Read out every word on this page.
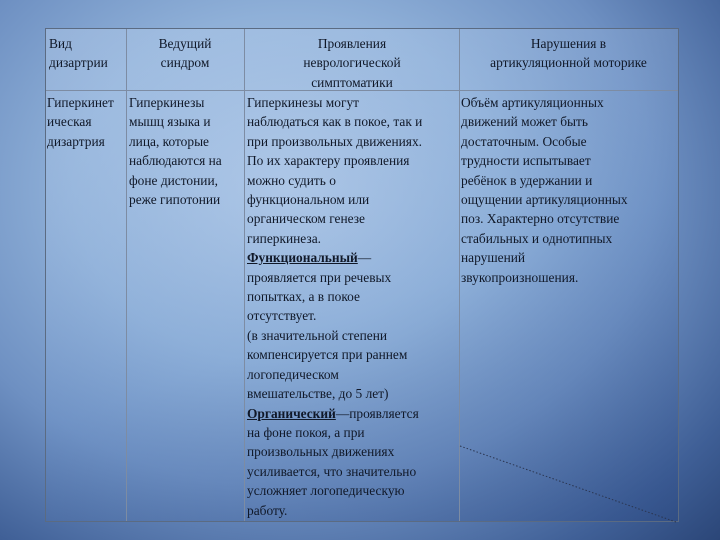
Вид
дизартрии
Ведущий
синдром
Проявления
неврологической
симптоматики
Нарушения в
артикуляционной моторике
Гиперкинет
ическая
дизартрия
Гиперкинезы
мышц языка и
лица, которые
наблюдаются на
фоне дистонии,
реже гипотонии
Гиперкинезы могут
наблюдаться как в покое, так и
при произвольных движениях.
По их характеру проявления
можно судить о
функциональном или
органическом генезе
гиперкинеза.
Функциональный—
проявляется при речевых
попытках, а в покое
отсутствует.
(в значительной степени
компенсируется при раннем
логопедическом
вмешательстве, до 5 лет)
Органический—проявляется
на фоне покоя, а при
произвольных движениях
усиливается, что значительно
усложняет логопедическую
работу.
Объём артикуляционных
движений может быть
достаточным. Особые
трудности испытывает
ребёнок в удержании и
ощущении артикуляционных
поз. Характерно отсутствие
стабильных и однотипных
нарушений
звукопроизношения.
